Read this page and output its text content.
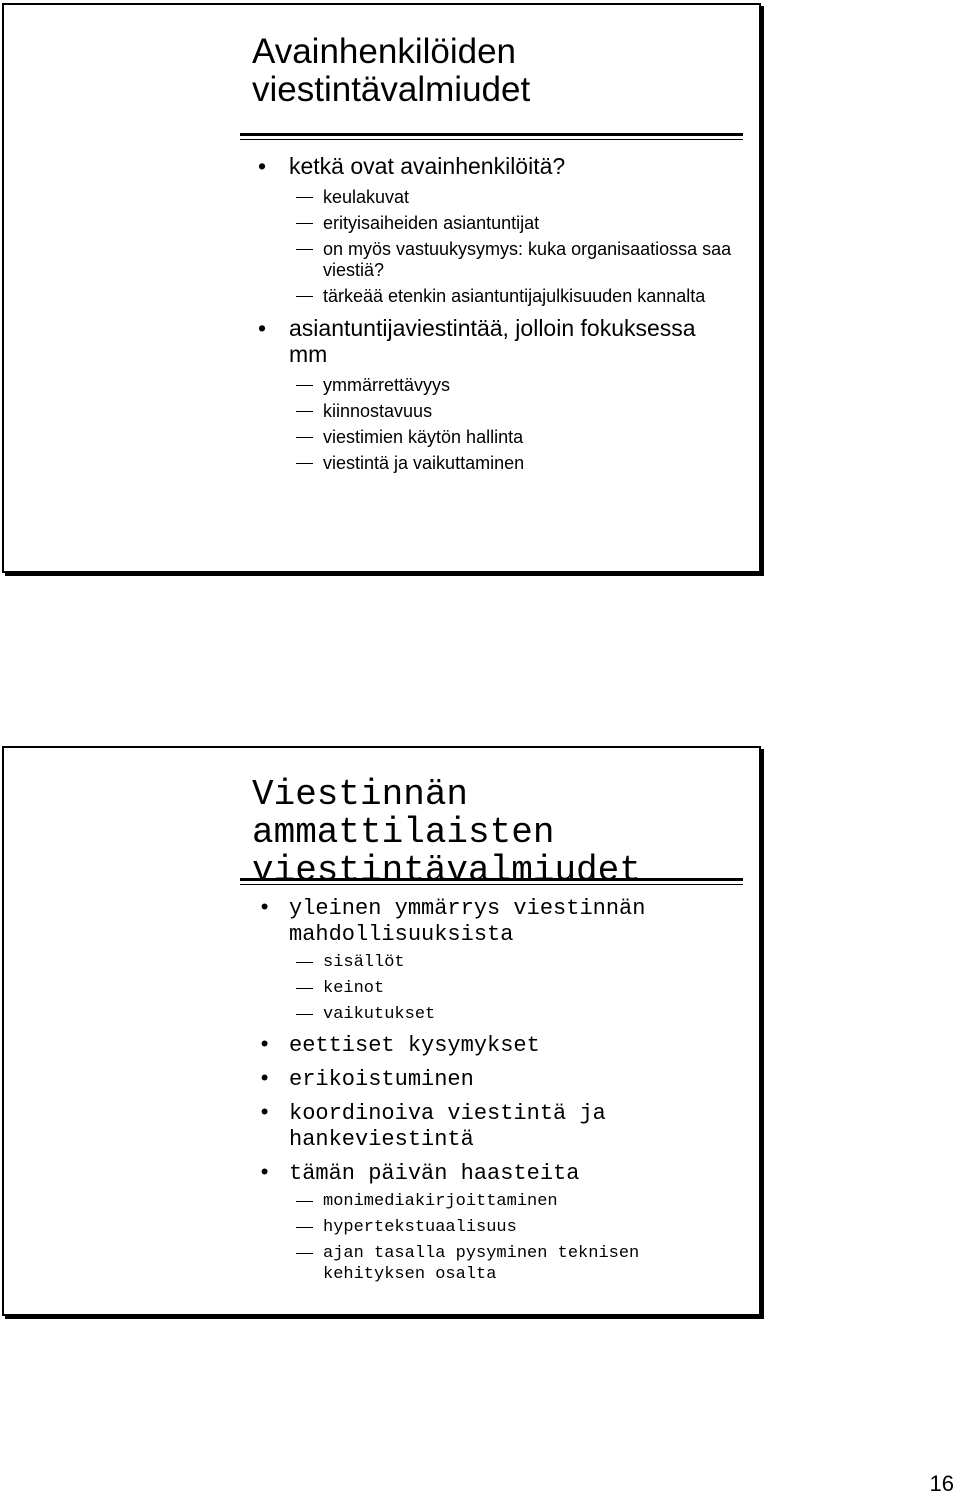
Avainhenkilöiden viestintävalmiudet
• ketkä ovat avainhenkilöitä?
keulakuvat
erityisaiheiden asiantuntijat
on myös vastuukysymys: kuka organisaatiossa saa viestiä?
tärkeää etenkin asiantuntijajulkisuuden kannalta
• asiantuntijaviestintää, jolloin fokuksessa mm
ymmärrettävyys
kiinnostavuus
viestimien käytön hallinta
viestintä ja vaikuttaminen
Viestinnän ammattilaisten viestintävalmiudet
• yleinen ymmärrys viestinnän mahdollisuuksista
sisällöt
keinot
vaikutukset
• eettiset kysymykset
• erikoistuminen
• koordinoiva viestintä ja hankeviestintä
• tämän päivän haasteita
monimediakirjoittaminen
hypertekstuaalisuus
ajan tasalla pysyminen teknisen kehityksen osalta
16
